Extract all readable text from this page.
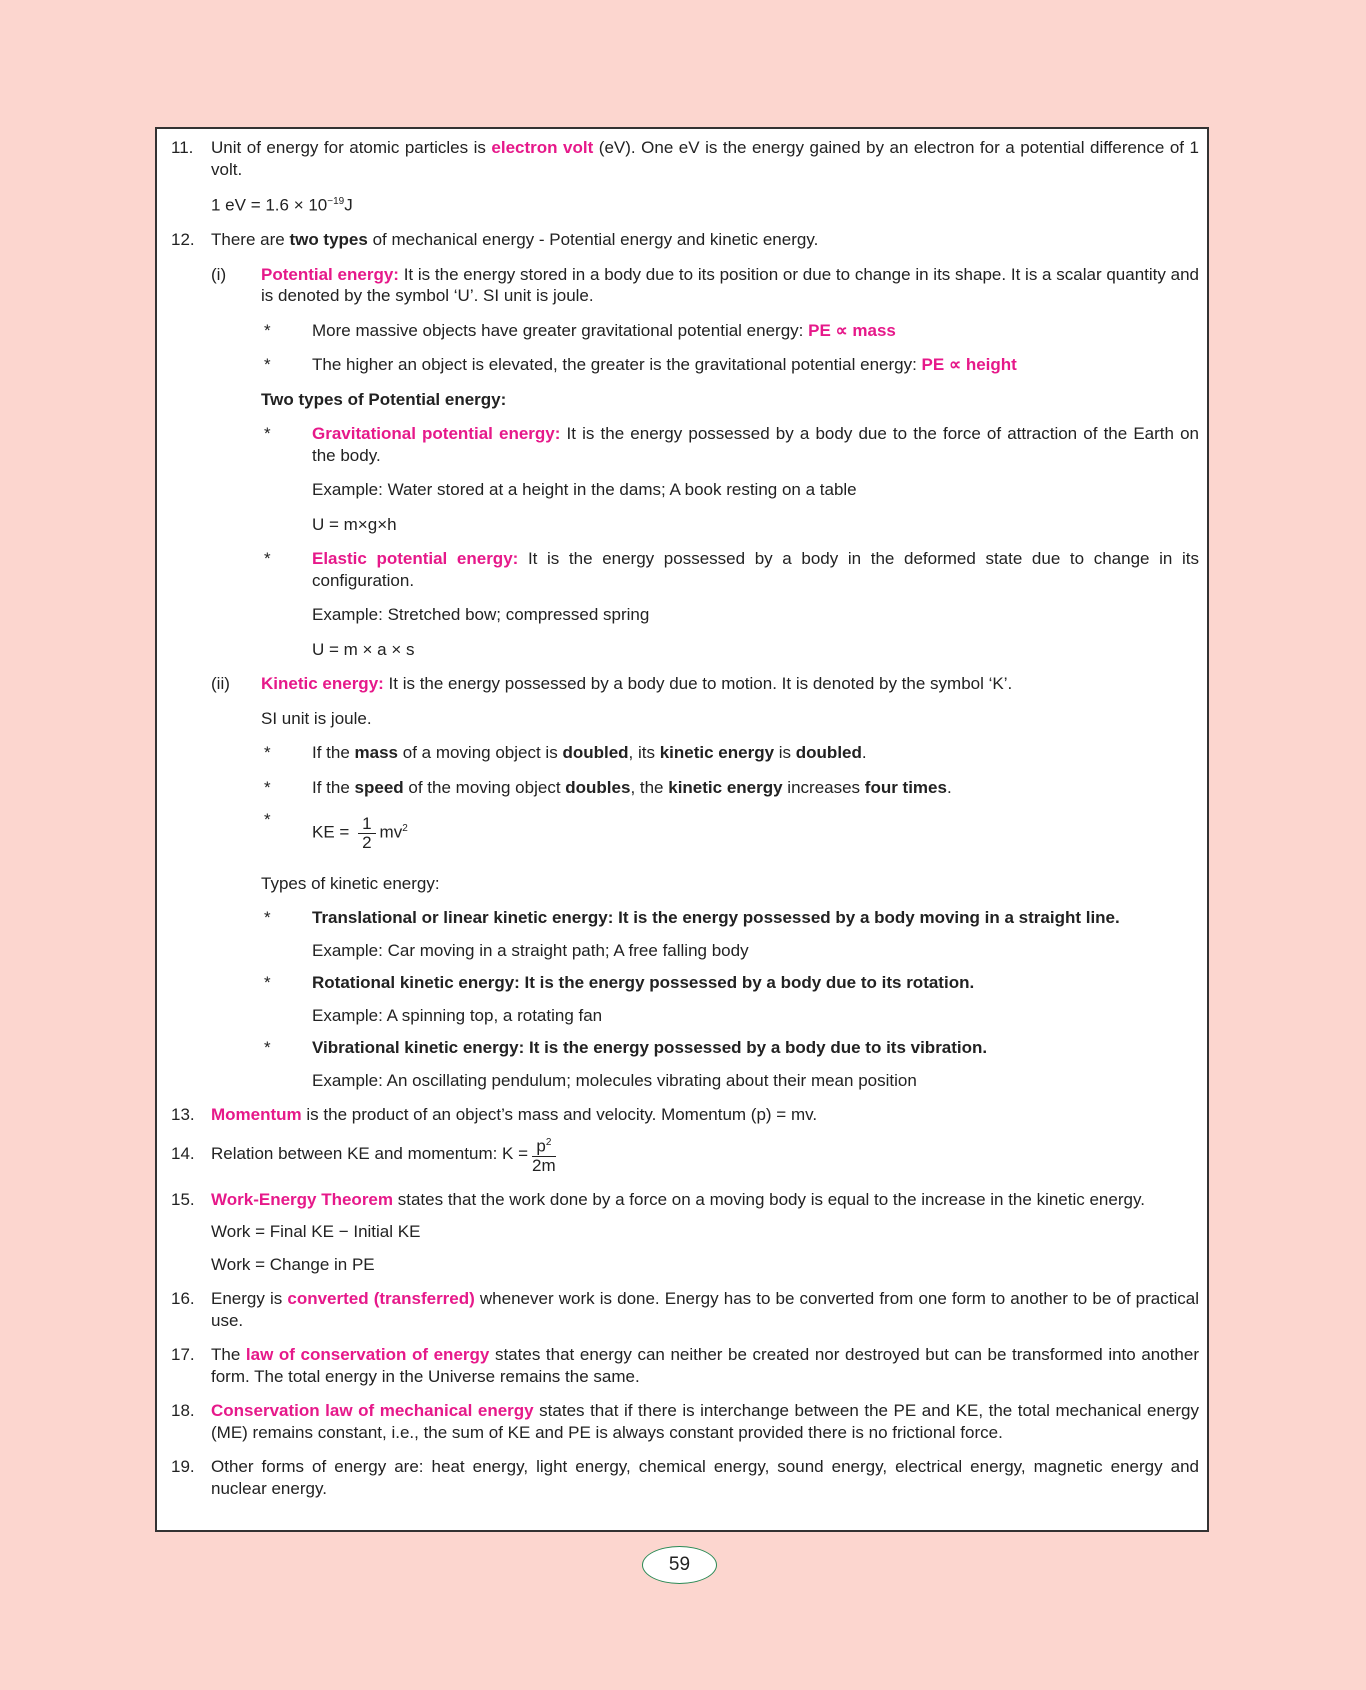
11. Unit of energy for atomic particles is electron volt (eV). One eV is the energy gained by an electron for a potential difference of 1 volt.

1 eV = $1.6 \times 10^{-19}J$

12. There are two types of mechanical energy - Potential energy and kinetic energy.

(i) Potential energy: It is the energy stored in a body due to its position or due to change in its shape. It is a scalar quantity and is denoted by the symbol ‘U’. SI unit is joule.

* More massive objects have greater gravitational potential energy: PE ∝ mass

* The higher an object is elevated, the greater is the gravitational potential energy: PE ∝ height

Two types of Potential energy:

* Gravitational potential energy: It is the energy possessed by a body due to the force of attraction of the Earth on the body.

Example: Water stored at a height in the dams; A book resting on a table

U = m×g×h

* Elastic potential energy: It is the energy possessed by a body in the deformed state due to change in its configuration.

Example: Stretched bow; compressed spring

U = m × a × s

(ii) Kinetic energy: It is the energy possessed by a body due to motion. It is denoted by the symbol ‘K’.

SI unit is joule.

* If the mass of a moving object is doubled, its kinetic energy is doubled.

* If the speed of the moving object doubles, the kinetic energy increases four times.

*
KE = $\frac{1}{2} mv^2$

Types of kinetic energy:

* Translational or linear kinetic energy: It is the energy possessed by a body moving in a straight line.

Example: Car moving in a straight path; A free falling body

* Rotational kinetic energy: It is the energy possessed by a body due to its rotation.

Example: A spinning top, a rotating fan

* Vibrational kinetic energy: It is the energy possessed by a body due to its vibration.

Example: An oscillating pendulum; molecules vibrating about their mean position

13. Momentum is the product of an object’s mass and velocity. Momentum (p) = mv.

14. Relation between KE and momentum: $K = \frac{p^2}{2m}$

15. Work-Energy Theorem states that the work done by a force on a moving body is equal to the increase in the kinetic energy.

Work = Final KE − Initial KE

Work = Change in PE

16. Energy is converted (transferred) whenever work is done. Energy has to be converted from one form to another to be of practical use.

17. The law of conservation of energy states that energy can neither be created nor destroyed but can be transformed into another form. The total energy in the Universe remains the same.

18. Conservation law of mechanical energy states that if there is interchange between the PE and KE, the total mechanical energy (ME) remains constant, i.e., the sum of KE and PE is always constant provided there is no frictional force.

19. Other forms of energy are: heat energy, light energy, chemical energy, sound energy, electrical energy, magnetic energy and nuclear energy.

59
